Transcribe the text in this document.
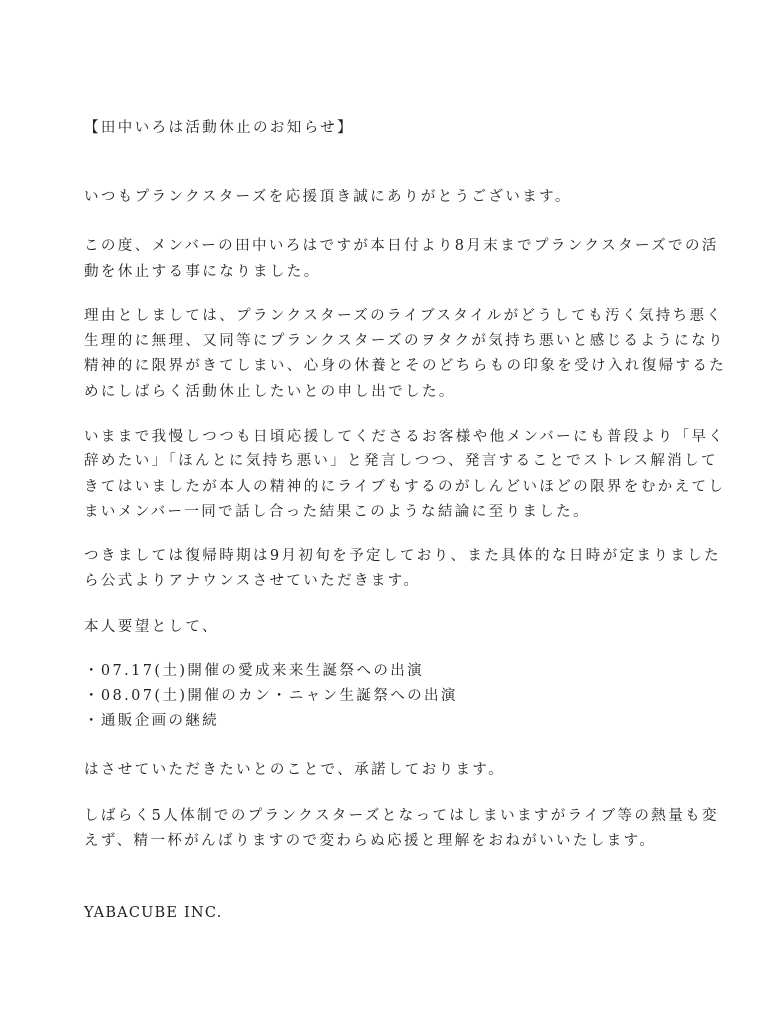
【田中いろは活動休止のお知らせ】
いつもプランクスターズを応援頂き誠にありがとうございます。
この度、メンバーの田中いろはですが本日付より8月末までプランクスターズでの活
動を休止する事になりました。
理由としましては、プランクスターズのライブスタイルがどうしても汚く気持ち悪く
生理的に無理、又同等にプランクスターズのヲタクが気持ち悪いと感じるようになり
精神的に限界がきてしまい、心身の休養とそのどちらもの印象を受け入れ復帰するた
めにしばらく活動休止したいとの申し出でした。
いままで我慢しつつも日頃応援してくださるお客様や他メンバーにも普段より「早く
辞めたい」「ほんとに気持ち悪い」と発言しつつ、発言することでストレス解消して
きてはいましたが本人の精神的にライブもするのがしんどいほどの限界をむかえてし
まいメンバー一同で話し合った結果このような結論に至りました。
つきましては復帰時期は9月初旬を予定しており、また具体的な日時が定まりました
ら公式よりアナウンスさせていただきます。
本人要望として、
・07.17(土)開催の愛成来来生誕祭への出演
・08.07(土)開催のカン・ニャン生誕祭への出演
・通販企画の継続
はさせていただきたいとのことで、承諾しております。
しばらく5人体制でのプランクスターズとなってはしまいますがライブ等の熱量も変
えず、精一杯がんばりますので変わらぬ応援と理解をおねがいいたします。
YABACUBE INC.
